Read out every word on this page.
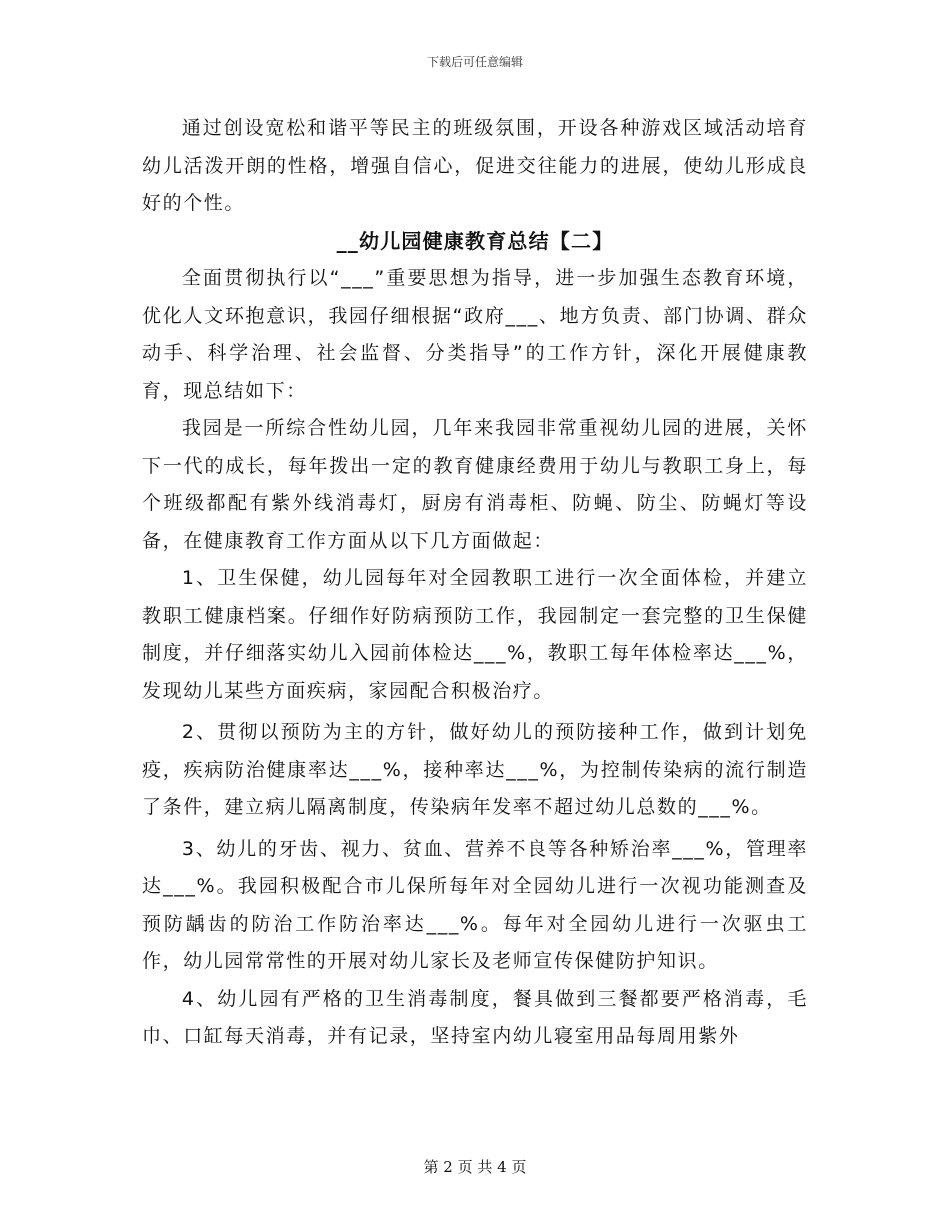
下载后可任意编辑

通过创设宽松和谐平等民主的班级氛围，开设各种游戏区域活动培育幼儿活泼开朗的性格，增强自信心，促进交往能力的进展，使幼儿形成良好的个性。

__幼儿园健康教育总结【二】

全面贯彻执行以“___”重要思想为指导，进一步加强生态教育环境，优化人文环抱意识，我园仔细根据“政府___、地方负责、部门协调、群众动手、科学治理、社会监督、分类指导”的工作方针，深化开展健康教育，现总结如下：

我园是一所综合性幼儿园，几年来我园非常重视幼儿园的进展，关怀下一代的成长，每年拨出一定的教育健康经费用于幼儿与教职工身上，每个班级都配有紫外线消毒灯，厨房有消毒柜、防蝇、防尘、防蝇灯等设备，在健康教育工作方面从以下几方面做起：

1、卫生保健，幼儿园每年对全园教职工进行一次全面体检，并建立教职工健康档案。仔细作好防病预防工作，我园制定一套完整的卫生保健制度，并仔细落实幼儿入园前体检达___%，教职工每年体检率达___%，发现幼儿某些方面疾病，家园配合积极治疗。

2、贯彻以预防为主的方针，做好幼儿的预防接种工作，做到计划免疫，疾病防治健康率达___%，接种率达___%，为控制传染病的流行制造了条件，建立病儿隔离制度，传染病年发率不超过幼儿总数的___%。

3、幼儿的牙齿、视力、贫血、营养不良等各种矫治率___%，管理率达___%。我园积极配合市儿保所每年对全园幼儿进行一次视功能测查及预防龋齿的防治工作防治率达___%。每年对全园幼儿进行一次驱虫工作，幼儿园常常性的开展对幼儿家长及老师宣传保健防护知识。

4、幼儿园有严格的卫生消毒制度，餐具做到三餐都要严格消毒，毛巾、口缸每天消毒，并有记录，坚持室内幼儿寝室用品每周用紫外

第 2 页 共 4 页
